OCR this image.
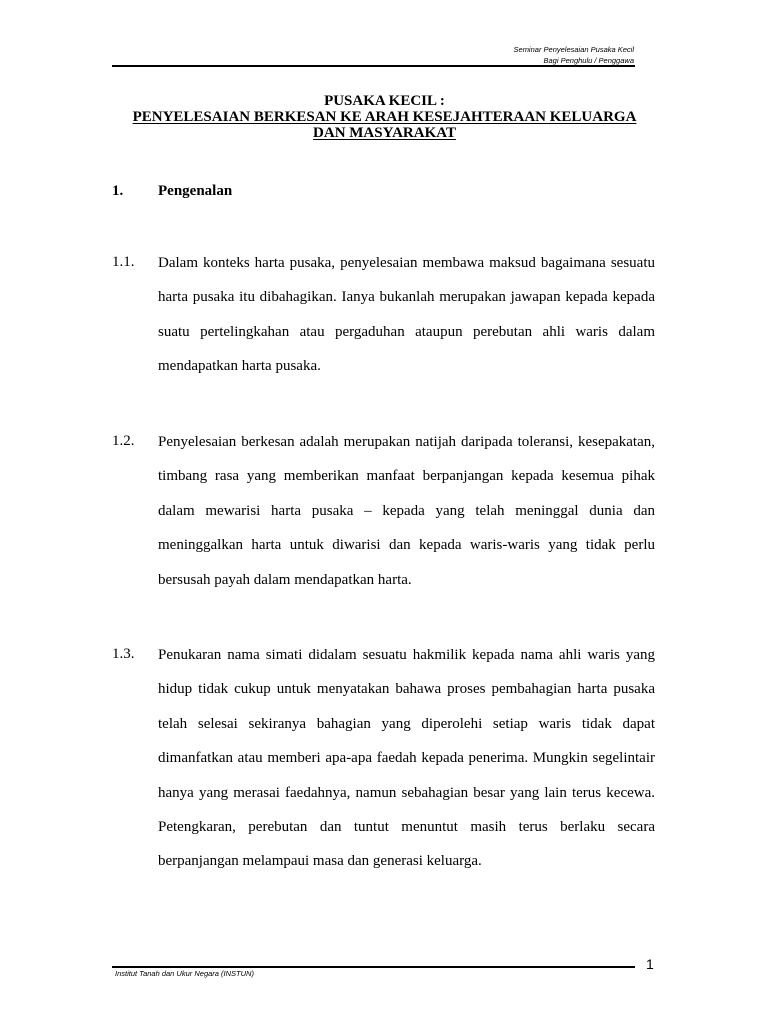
Seminar Penyelesaian Pusaka Kecil
Bagi Penghulu / Penggawa
PUSAKA KECIL :
PENYELESAIAN BERKESAN KE ARAH KESEJAHTERAAN KELUARGA
DAN MASYARAKAT
1. Pengenalan
1.1. Dalam konteks harta pusaka, penyelesaian membawa maksud bagaimana sesuatu
harta pusaka itu dibahagikan. Ianya bukanlah merupakan jawapan kepada kepada
suatu pertelingkahan atau pergaduhan ataupun perebutan ahli waris dalam
mendapatkan harta pusaka.
1.2. Penyelesaian berkesan adalah merupakan natijah daripada toleransi, kesepakatan,
timbang rasa yang memberikan manfaat berpanjangan kepada kesemua pihak
dalam mewarisi harta pusaka – kepada yang telah meninggal dunia dan
meninggalkan harta untuk diwarisi dan kepada waris-waris yang tidak perlu
bersusah payah dalam mendapatkan harta.
1.3. Penukaran nama simati didalam sesuatu hakmilik kepada nama ahli waris yang
hidup tidak cukup untuk menyatakan bahawa proses pembahagian harta pusaka
telah selesai sekiranya bahagian yang diperolehi setiap waris tidak dapat
dimanfatkan atau memberi apa-apa faedah kepada penerima. Mungkin segelintair
hanya yang merasai faedahnya, namun sebahagian besar yang lain terus kecewa.
Petengkaran, perebutan dan tuntut menuntut masih terus berlaku secara
berpanjangan melampaui masa dan generasi keluarga.
1
Institut Tanah dan Ukur Negara (INSTUN)
